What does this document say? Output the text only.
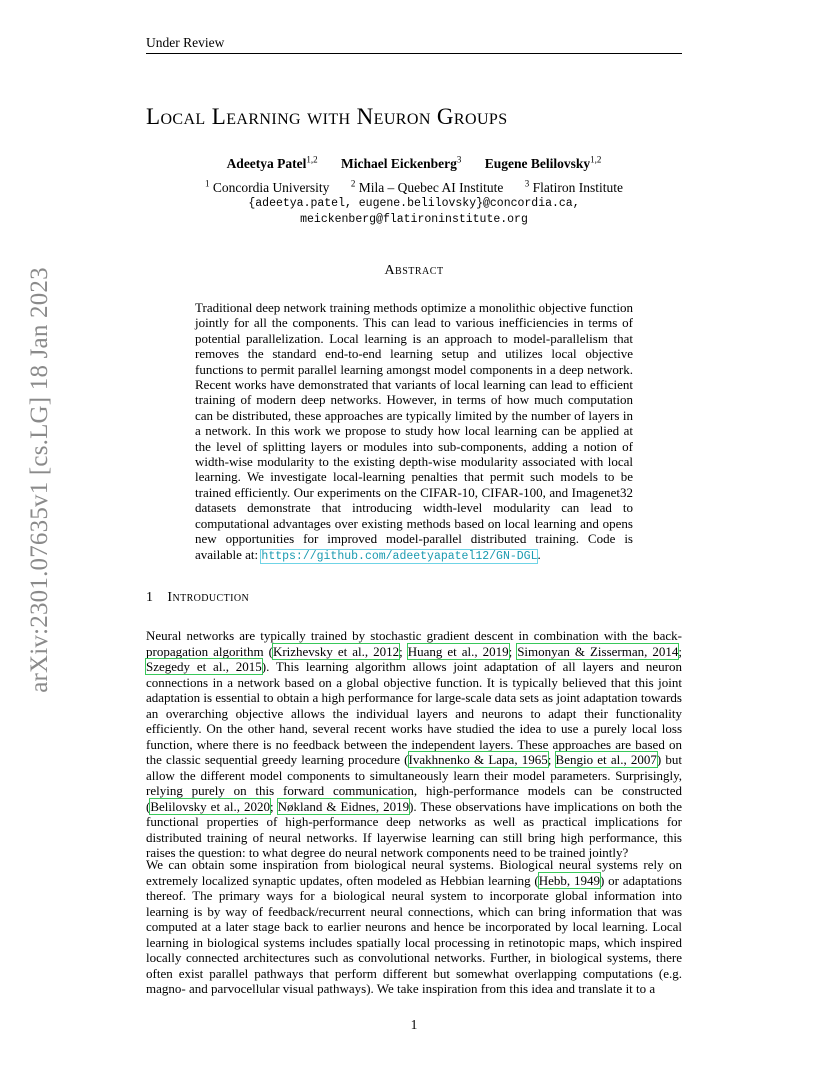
arXiv:2301.07635v1 [cs.LG] 18 Jan 2023
Under Review
Local Learning with Neuron Groups
Adeetya Patel$^{1,2}$ Michael Eickenberg$^3$ Eugene Belilovsky$^{1,2}$
$^1$ Concordia University $^2$ Mila – Quebec AI Institute $^3$ Flatiron Institute
{adeetya.patel, eugene.belilovsky}@concordia.ca,
meickenberg@flatironinstitute.org
Abstract

Traditional deep network training methods optimize a monolithic objective function jointly for all the components. This can lead to various inefficiencies in terms of potential parallelization. Local learning is an approach to model-parallelism that removes the standard end-to-end learning setup and utilizes local objective functions to permit parallel learning amongst model components in a deep network. Recent works have demonstrated that variants of local learning can lead to efficient training of modern deep networks. However, in terms of how much computation can be distributed, these approaches are typically limited by the number of layers in a network. In this work we propose to study how local learning can be applied at the level of splitting layers or modules into sub-components, adding a notion of width-wise modularity to the existing depth-wise modularity associated with local learning. We investigate local-learning penalties that permit such models to be trained efficiently. Our experiments on the CIFAR-10, CIFAR-100, and Imagenet32 datasets demonstrate that introducing width-level modularity can lead to computational advantages over existing methods based on local learning and opens new opportunities for improved model-parallel distributed training. Code is available at: https://github.com/adeetyapatel12/GN-DGL.

1 Introduction

Neural networks are typically trained by stochastic gradient descent in combination with the back-propagation algorithm (Krizhevsky et al., 2012; Huang et al., 2019; Simonyan & Zisserman, 2014; Szegedy et al., 2015). This learning algorithm allows joint adaptation of all layers and neuron connections in a network based on a global objective function. It is typically believed that this joint adaptation is essential to obtain a high performance for large-scale data sets as joint adaptation towards an overarching objective allows the individual layers and neurons to adapt their functionality efficiently. On the other hand, several recent works have studied the idea to use a purely local loss function, where there is no feedback between the independent layers. These approaches are based on the classic sequential greedy learning procedure (Ivakhnenko & Lapa, 1965; Bengio et al., 2007) but allow the different model components to simultaneously learn their model parameters. Surprisingly, relying purely on this forward communication, high-performance models can be constructed (Belilovsky et al., 2020; Nøkland & Eidnes, 2019). These observations have implications on both the functional properties of high-performance deep networks as well as practical implications for distributed training of neural networks. If layerwise learning can still bring high performance, this raises the question: to what degree do neural network components need to be trained jointly?

We can obtain some inspiration from biological neural systems. Biological neural systems rely on extremely localized synaptic updates, often modeled as Hebbian learning (Hebb, 1949) or adaptations thereof. The primary ways for a biological neural system to incorporate global information into learning is by way of feedback/recurrent neural connections, which can bring information that was computed at a later stage back to earlier neurons and hence be incorporated by local learning. Local learning in biological systems includes spatially local processing in retinotopic maps, which inspired locally connected architectures such as convolutional networks. Further, in biological systems, there often exist parallel pathways that perform different but somewhat overlapping computations (e.g. magno- and parvocellular visual pathways). We take inspiration from this idea and translate it to a

1
